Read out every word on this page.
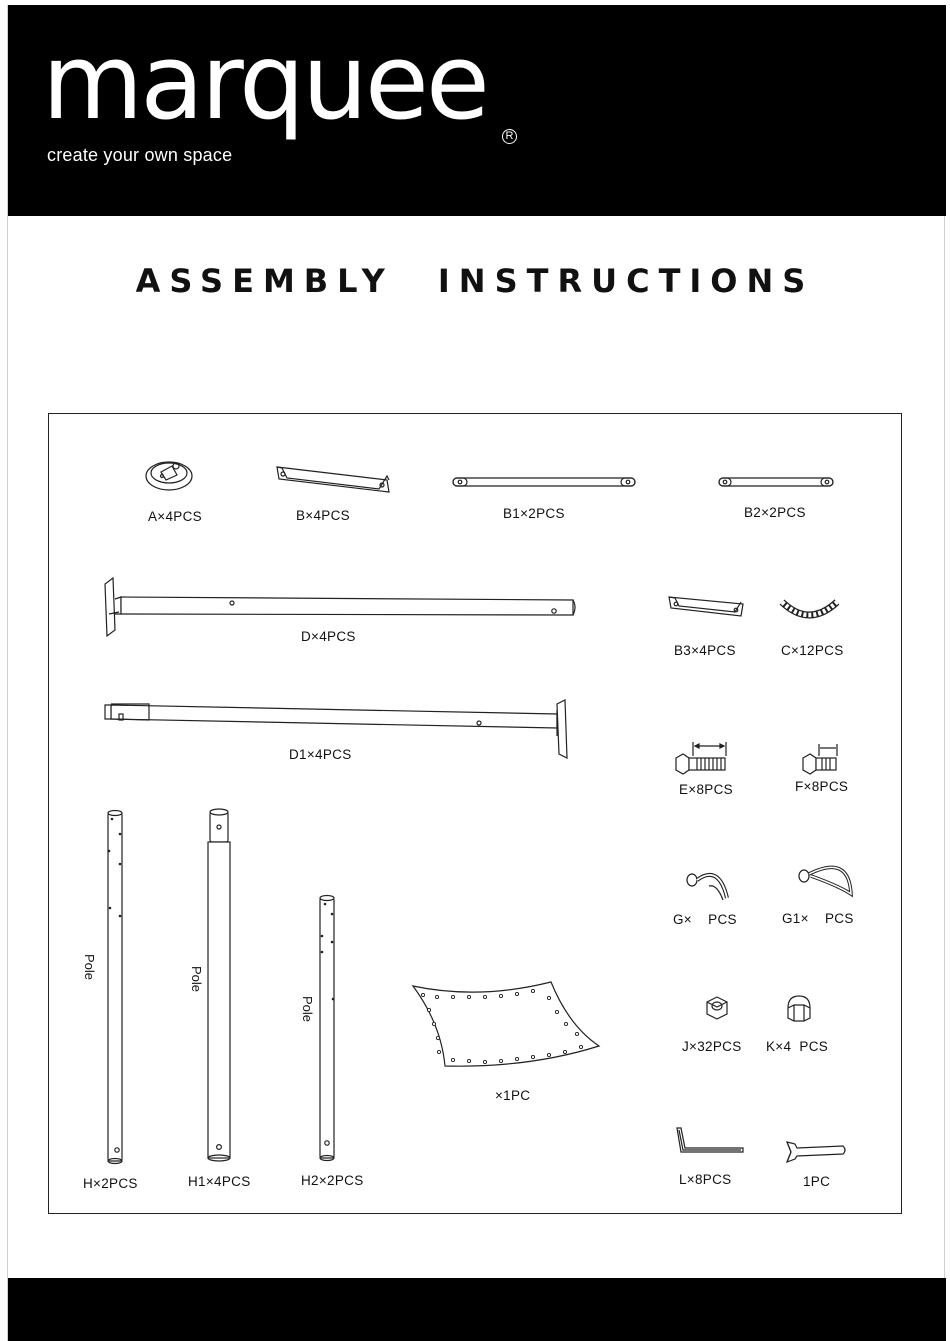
marquee	R

create your own space

ASSEMBLY INSTRUCTIONS

A×4PCS	B×4PCS	B1×2PCS	B2×2PCS

D×4PCS

B3×4PCS	C×12PCS

D1×4PCS

E×8PCS	F×8PCS

G×    PCS	G1×    PCS

J×32PCS K×4  PCS

×1PC

L×8PCS	1PC

H×2PCS	H1×4PCS	H2×2PCS

Pole	Pole

Pole
